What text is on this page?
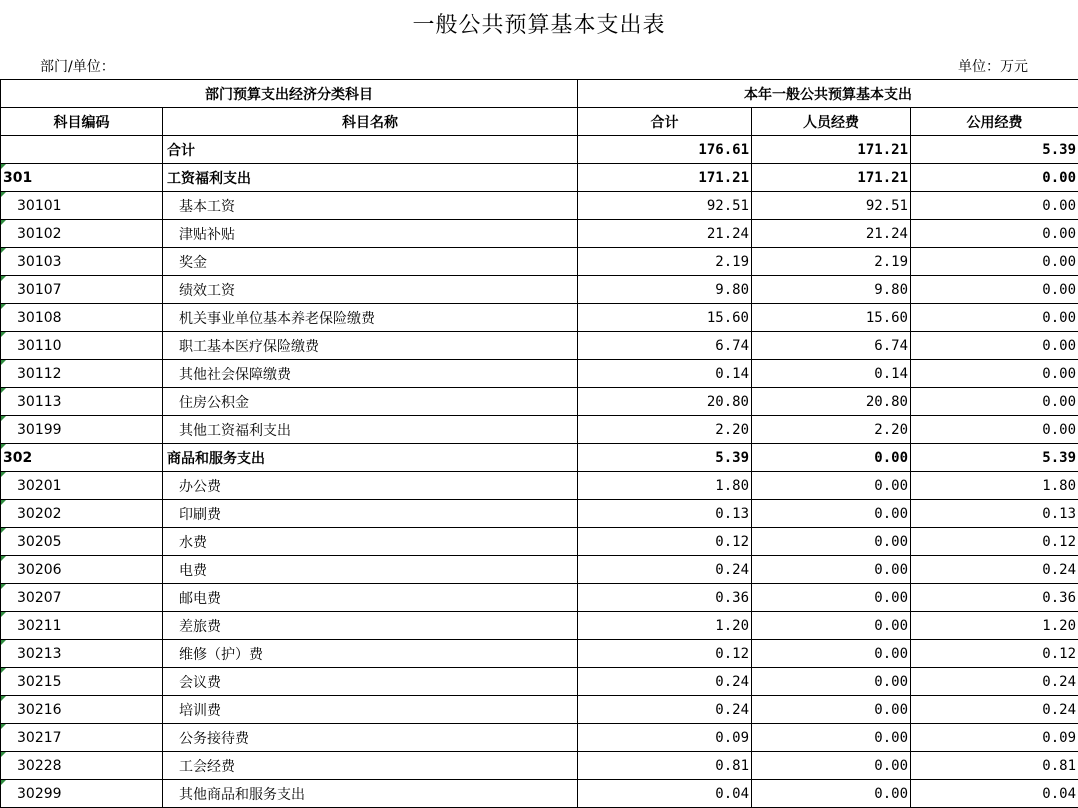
一般公共预算基本支出表
部门/单位：	单位：万元
部门预算支出经济分类科目		本年一般公共预算基本支出		
科目编码	科目名称	合计	人员经费	公用经费
	合计	176.61	171.21	5.39
301	工资福利支出	171.21	171.21	0.00
30101	基本工资	92.51	92.51	0.00
30102	津贴补贴	21.24	21.24	0.00
30103	奖金	2.19	2.19	0.00
30107	绩效工资	9.80	9.80	0.00
30108	机关事业单位基本养老保险缴费	15.60	15.60	0.00
30110	职工基本医疗保险缴费	6.74	6.74	0.00
30112	其他社会保障缴费	0.14	0.14	0.00
30113	住房公积金	20.80	20.80	0.00
30199	其他工资福利支出	2.20	2.20	0.00
302	商品和服务支出	5.39	0.00	5.39
30201	办公费	1.80	0.00	1.80
30202	印刷费	0.13	0.00	0.13
30205	水费	0.12	0.00	0.12
30206	电费	0.24	0.00	0.24
30207	邮电费	0.36	0.00	0.36
30211	差旅费	1.20	0.00	1.20
30213	维修（护）费	0.12	0.00	0.12
30215	会议费	0.24	0.00	0.24
30216	培训费	0.24	0.00	0.24
30217	公务接待费	0.09	0.00	0.09
30228	工会经费	0.81	0.00	0.81
30299	其他商品和服务支出	0.04	0.00	0.04
